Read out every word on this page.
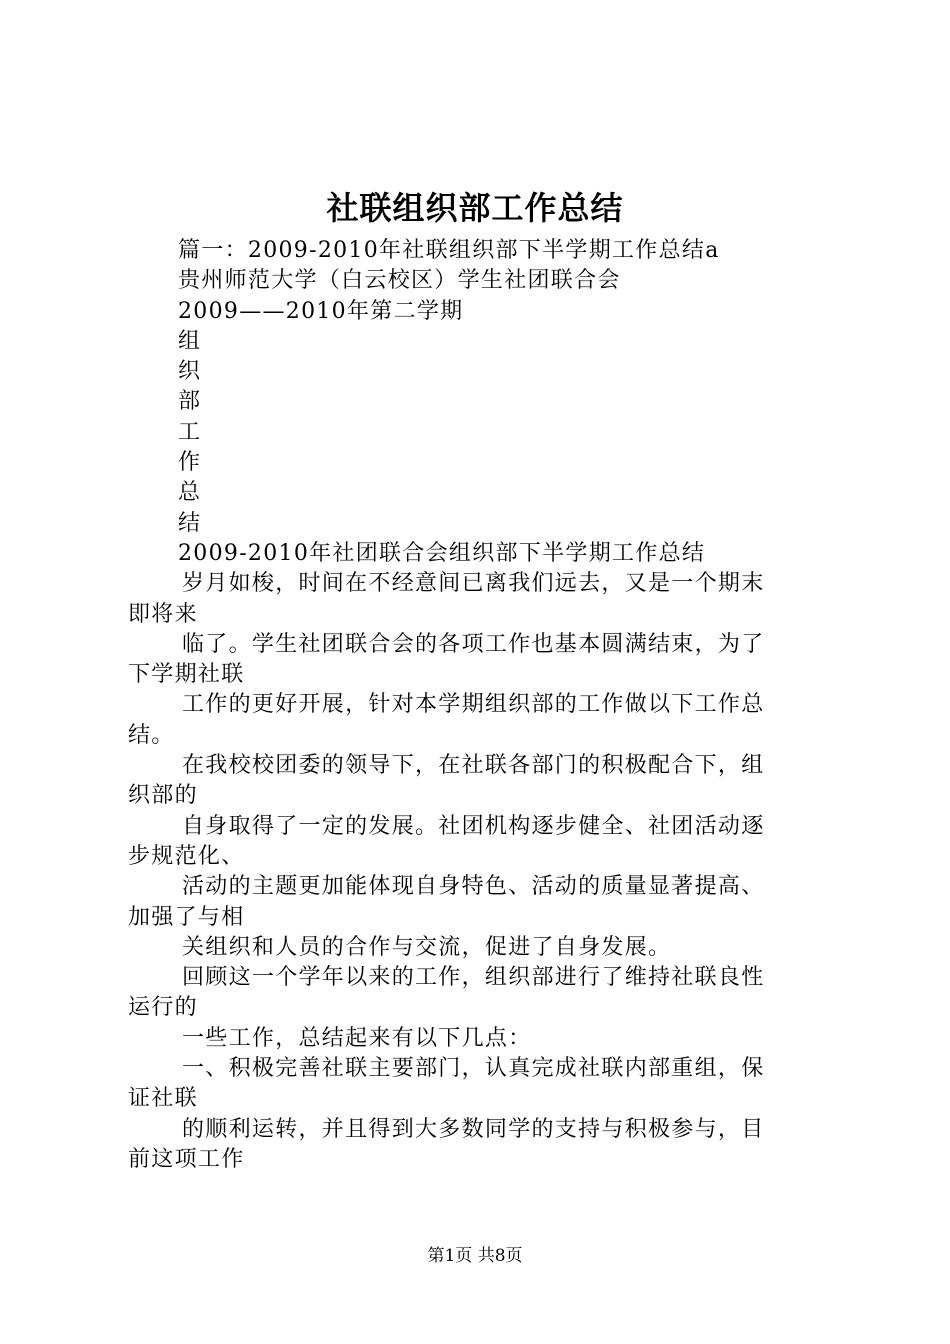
社联组织部工作总结
篇一：2009-2010年社联组织部下半学期工作总结a
贵州师范大学（白云校区）学生社团联合会
2009——2010年第二学期
组
织
部
工
作
总
结
2009-2010年社团联合会组织部下半学期工作总结
岁月如梭，时间在不经意间已离我们远去，又是一个期末
即将来
临了。学生社团联合会的各项工作也基本圆满结束，为了
下学期社联
工作的更好开展，针对本学期组织部的工作做以下工作总
结。
在我校校团委的领导下，在社联各部门的积极配合下，组
织部的
自身取得了一定的发展。社团机构逐步健全、社团活动逐
步规范化、
活动的主题更加能体现自身特色、活动的质量显著提高、
加强了与相
关组织和人员的合作与交流，促进了自身发展。
回顾这一个学年以来的工作，组织部进行了维持社联良性
运行的
一些工作，总结起来有以下几点：
一、积极完善社联主要部门，认真完成社联内部重组，保
证社联
的顺利运转，并且得到大多数同学的支持与积极参与，目
前这项工作
第1页 共8页
